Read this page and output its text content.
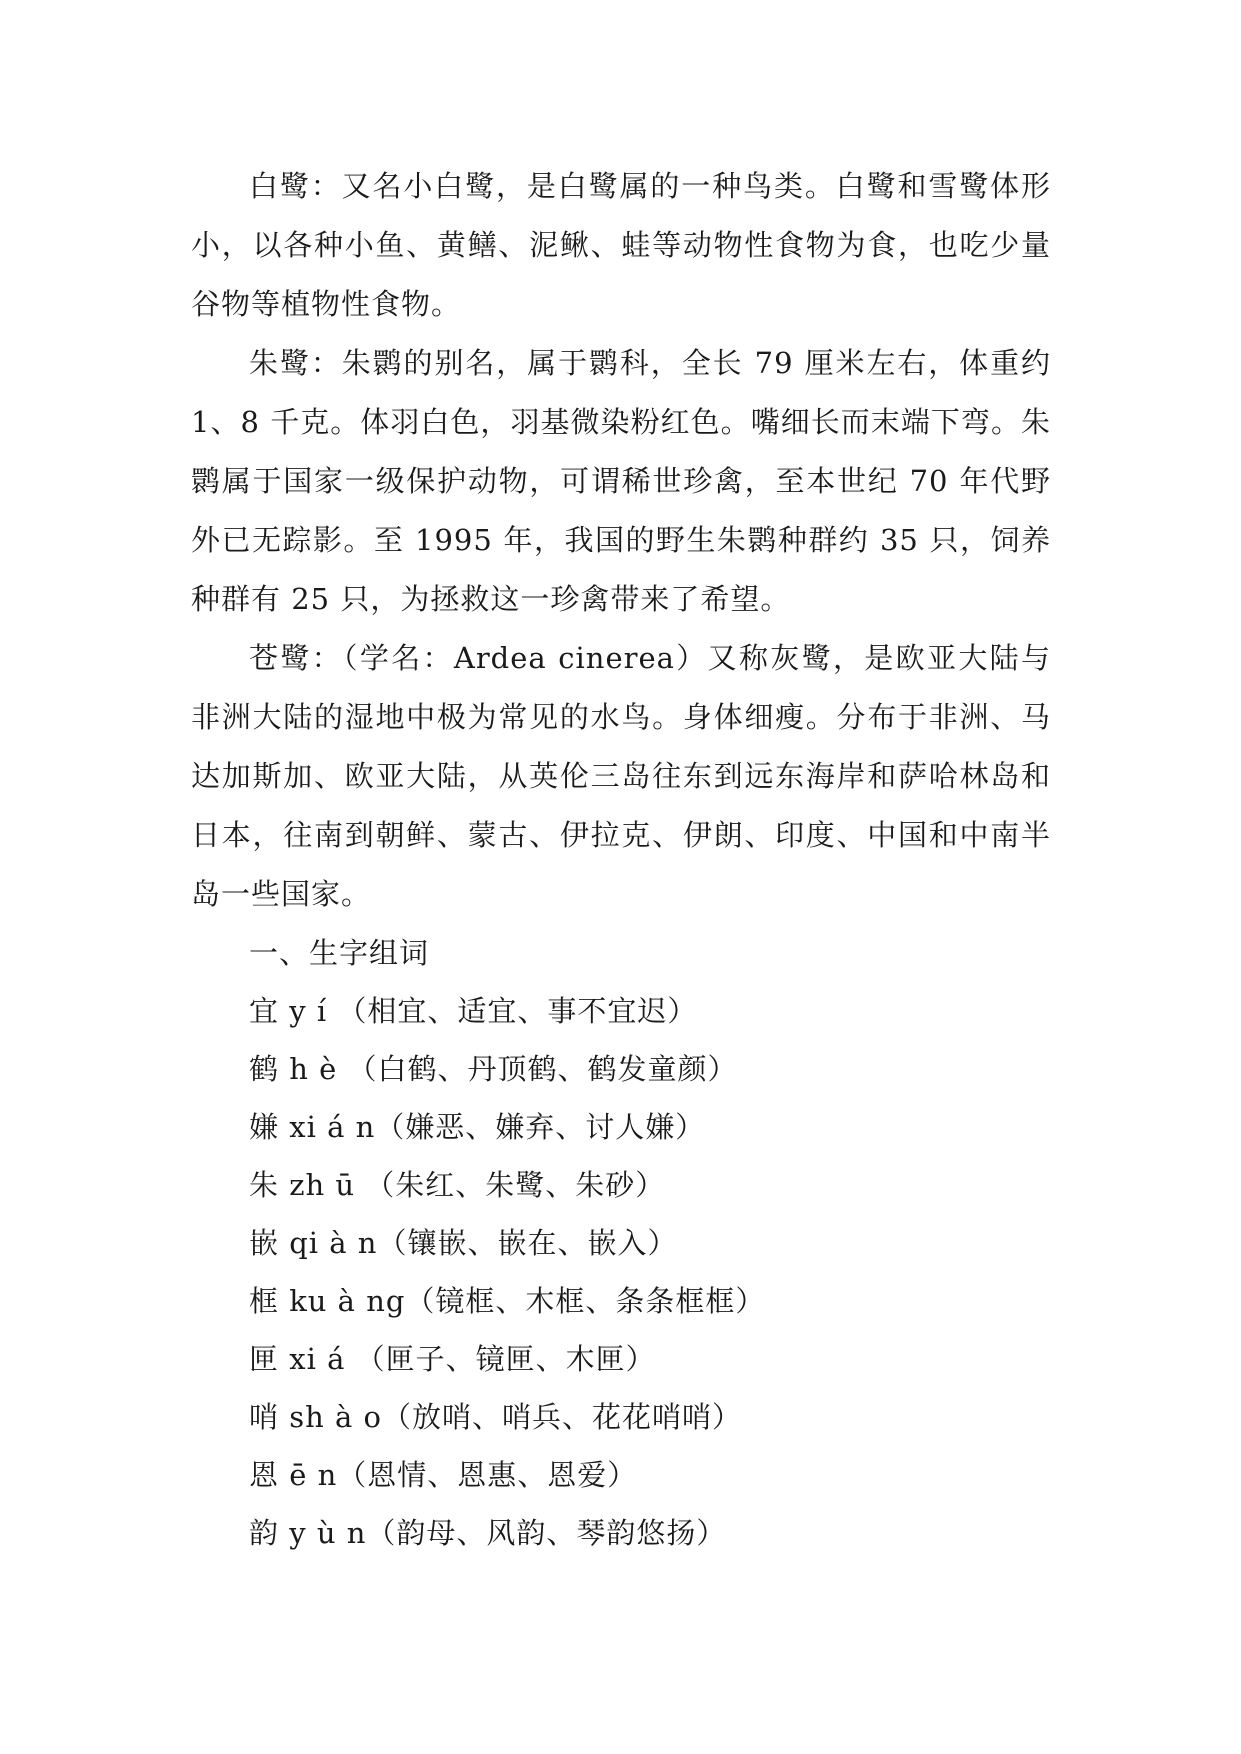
白鹭：又名小白鹭，是白鹭属的一种鸟类。白鹭和雪鹭体形小，以各种小鱼、黄鳝、泥鳅、蛙等动物性食物为食，也吃少量谷物等植物性食物。

朱鹭：朱鹮的别名，属于鹮科，全长 79 厘米左右，体重约 1、8 千克。体羽白色，羽基微染粉红色。嘴细长而末端下弯。朱鹮属于国家一级保护动物，可谓稀世珍禽，至本世纪 70 年代野外已无踪影。至 1995 年，我国的野生朱鹮种群约 35 只，饲养种群有 25 只，为拯救这一珍禽带来了希望。

苍鹭：（学名：Ardea cinerea）又称灰鹭，是欧亚大陆与非洲大陆的湿地中极为常见的水鸟。身体细瘦。分布于非洲、马达加斯加、欧亚大陆，从英伦三岛往东到远东海岸和萨哈林岛和日本，往南到朝鲜、蒙古、伊拉克、伊朗、印度、中国和中南半岛一些国家。

一、生字组词

宜 y í （相宜、适宜、事不宜迟）

鹤 h è （白鹤、丹顶鹤、鹤发童颜）

嫌 xi á n（嫌恶、嫌弃、讨人嫌）

朱 zh ū （朱红、朱鹭、朱砂）

嵌 qi à n（镶嵌、嵌在、嵌入）

框 ku à ng（镜框、木框、条条框框）

匣 xi á （匣子、镜匣、木匣）

哨 sh à o（放哨、哨兵、花花哨哨）

恩 ē n（恩情、恩惠、恩爱）

韵 y ù n（韵母、风韵、琴韵悠扬）
